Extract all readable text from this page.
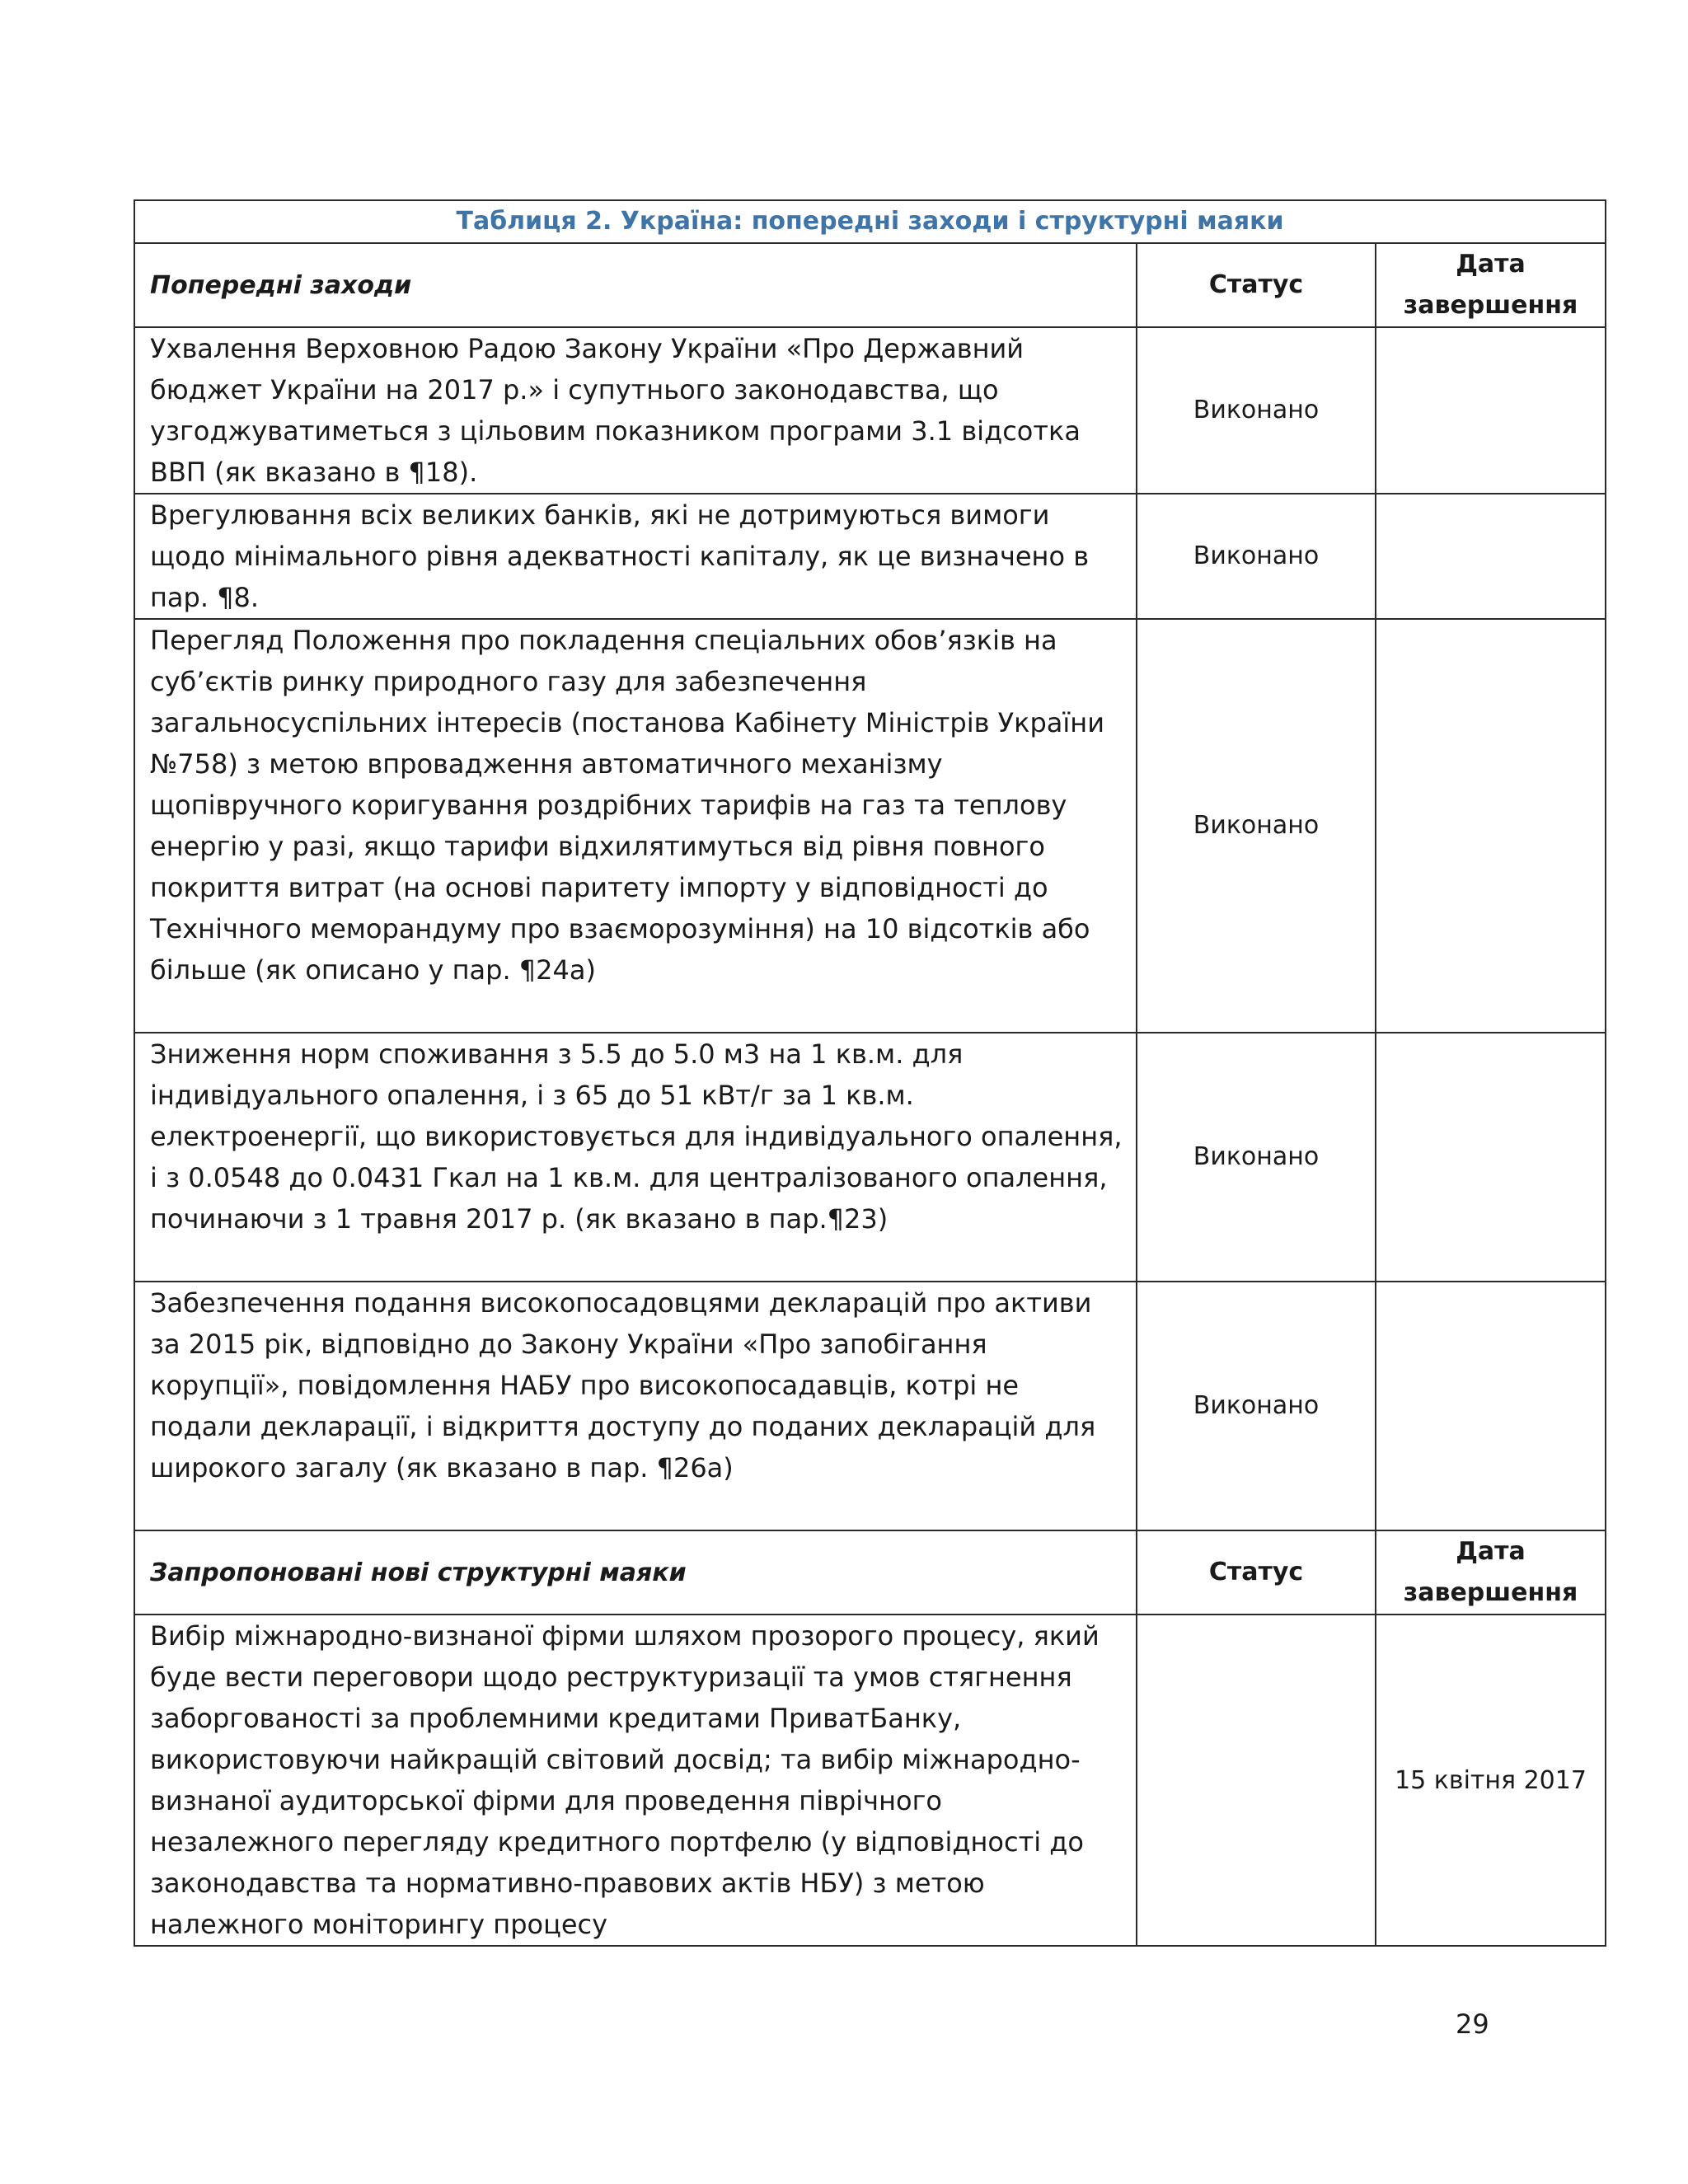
Таблиця 2. Україна: попередні заходи і структурні маяки		
Попередні заходи	Статус	Дата
завершення

Ухвалення Верховною Радою Закону України «Про Державний бюджет України на 2017 р.» і супутнього законодавства, що узгоджуватиметься з цільовим показником програми 3.1 відсотка ВВП (як вказано в ¶18).	Виконано	
Врегулювання всіх великих банків, які не дотримуються вимоги щодо мінімального рівня адекватності капіталу, як це визначено в пар. ¶8.	Виконано	
Перегляд Положення про покладення спеціальних обов’язків на суб’єктів ринку природного газу для забезпечення загальносуспільних інтересів (постанова Кабінету Міністрів України №758) з метою впровадження автоматичного механізму щопівручного коригування роздрібних тарифів на газ та теплову енергію у разі, якщо тарифи відхилятимуться від рівня повного покриття витрат (на основі паритету імпорту у відповідності до Технічного меморандуму про взаєморозуміння) на 10 відсотків або більше (як описано у пар. ¶24a)	Виконано	
Зниження норм споживання з 5.5 до 5.0 м3 на 1 кв.м. для індивідуального опалення, і з 65 до 51 кВт/г за 1 кв.м. електроенергії, що використовується для індивідуального опалення, і з 0.0548 до 0.0431 Гкал на 1 кв.м. для централізованого опалення, починаючи з 1 травня 2017 р. (як вказано в пар.¶23)	Виконано	
Забезпечення подання високопосадовцями декларацій про активи за 2015 рік, відповідно до Закону України «Про запобігання корупції», повідомлення НАБУ про високопосадавців, котрі не подали декларації, і відкриття доступу до поданих декларацій для широкого загалу (як вказано в пар. ¶26a)	Виконано	
Запропоновані нові структурні маяки	Статус	Дата
завершення

Вибір міжнародно-визнаної фірми шляхом прозорого процесу, який буде вести переговори щодо реструктуризації та умов стягнення заборгованості за проблемними кредитами ПриватБанку, використовуючи найкращій світовий досвід; та вибір міжнародно-визнаної аудиторської фірми для проведення піврічного незалежного перегляду кредитного портфелю (у відповідності до законодавства та нормативно-правових актів НБУ) з метою належного моніторингу процесу		15 квітня 2017
29
